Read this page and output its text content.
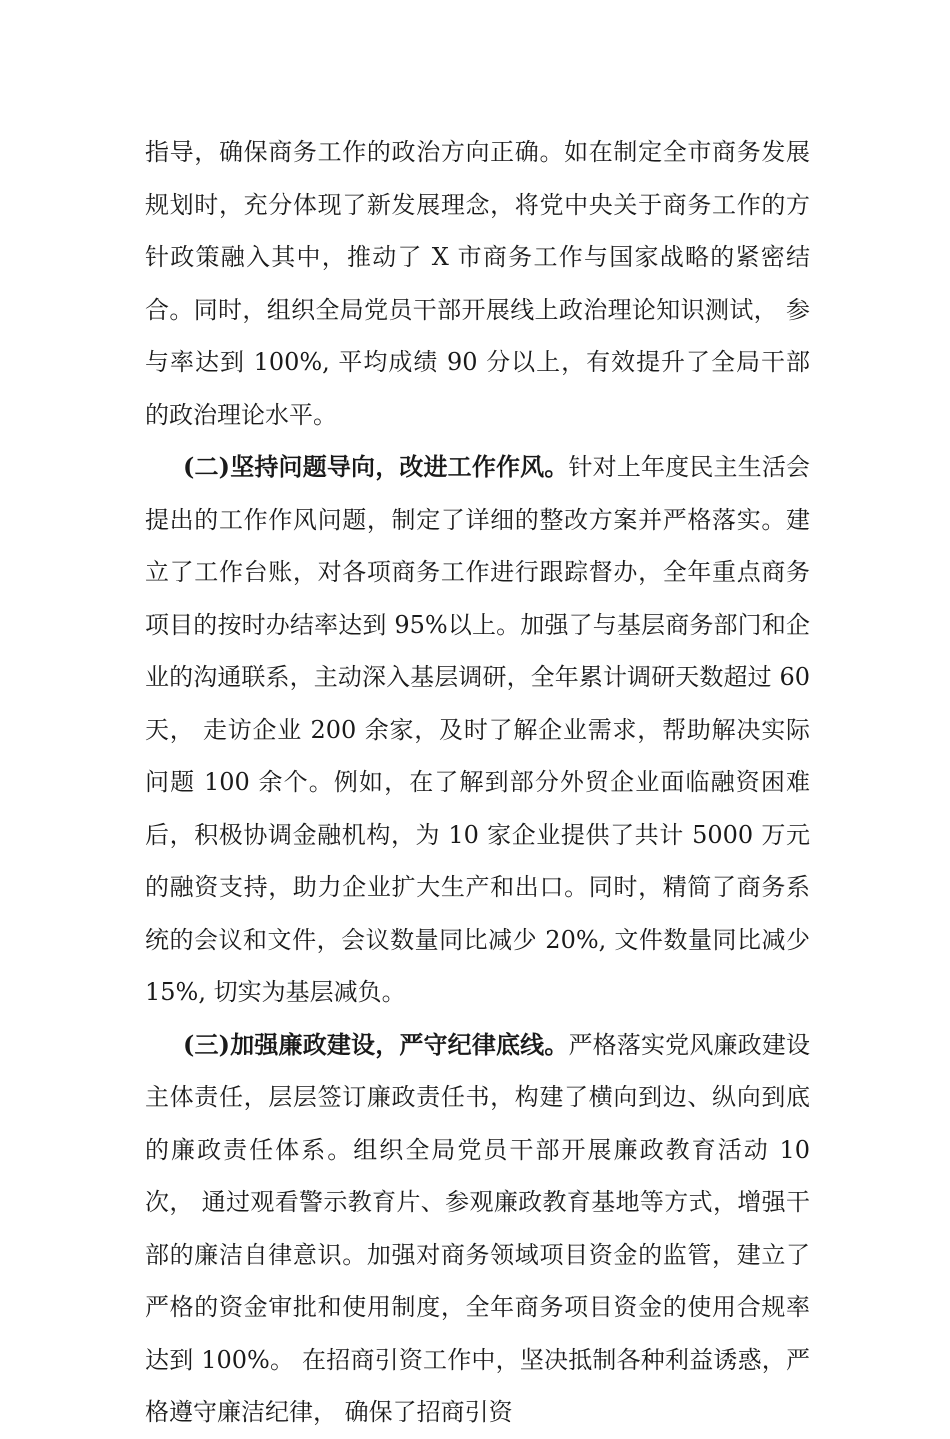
指导，确保商务工作的政治方向正确。如在制定全市商务发展规划时，充分体现了新发展理念，将党中央关于商务工作的方针政策融入其中，推动了 X 市商务工作与国家战略的紧密结合。同时，组织全局党员干部开展线上政治理论知识测试， 参与率达到 100%, 平均成绩 90 分以上，有效提升了全局干部的政治理论水平。

(二)坚持问题导向，改进工作作风。针对上年度民主生活会提出的工作作风问题，制定了详细的整改方案并严格落实。建立了工作台账，对各项商务工作进行跟踪督办，全年重点商务项目的按时办结率达到 95%以上。加强了与基层商务部门和企业的沟通联系，主动深入基层调研，全年累计调研天数超过 60 天， 走访企业 200 余家，及时了解企业需求，帮助解决实际问题 100 余个。例如，在了解到部分外贸企业面临融资困难后，积极协调金融机构，为 10 家企业提供了共计 5000 万元的融资支持，助力企业扩大生产和出口。同时，精简了商务系统的会议和文件，会议数量同比减少 20%, 文件数量同比减少 15%, 切实为基层减负。

(三)加强廉政建设，严守纪律底线。严格落实党风廉政建设主体责任，层层签订廉政责任书，构建了横向到边、纵向到底的廉政责任体系。组织全局党员干部开展廉政教育活动 10 次， 通过观看警示教育片、参观廉政教育基地等方式，增强干部的廉洁自律意识。加强对商务领域项目资金的监管，建立了严格的资金审批和使用制度，全年商务项目资金的使用合规率达到 100%。 在招商引资工作中，坚决抵制各种利益诱惑，严格遵守廉洁纪律， 确保了招商引资
